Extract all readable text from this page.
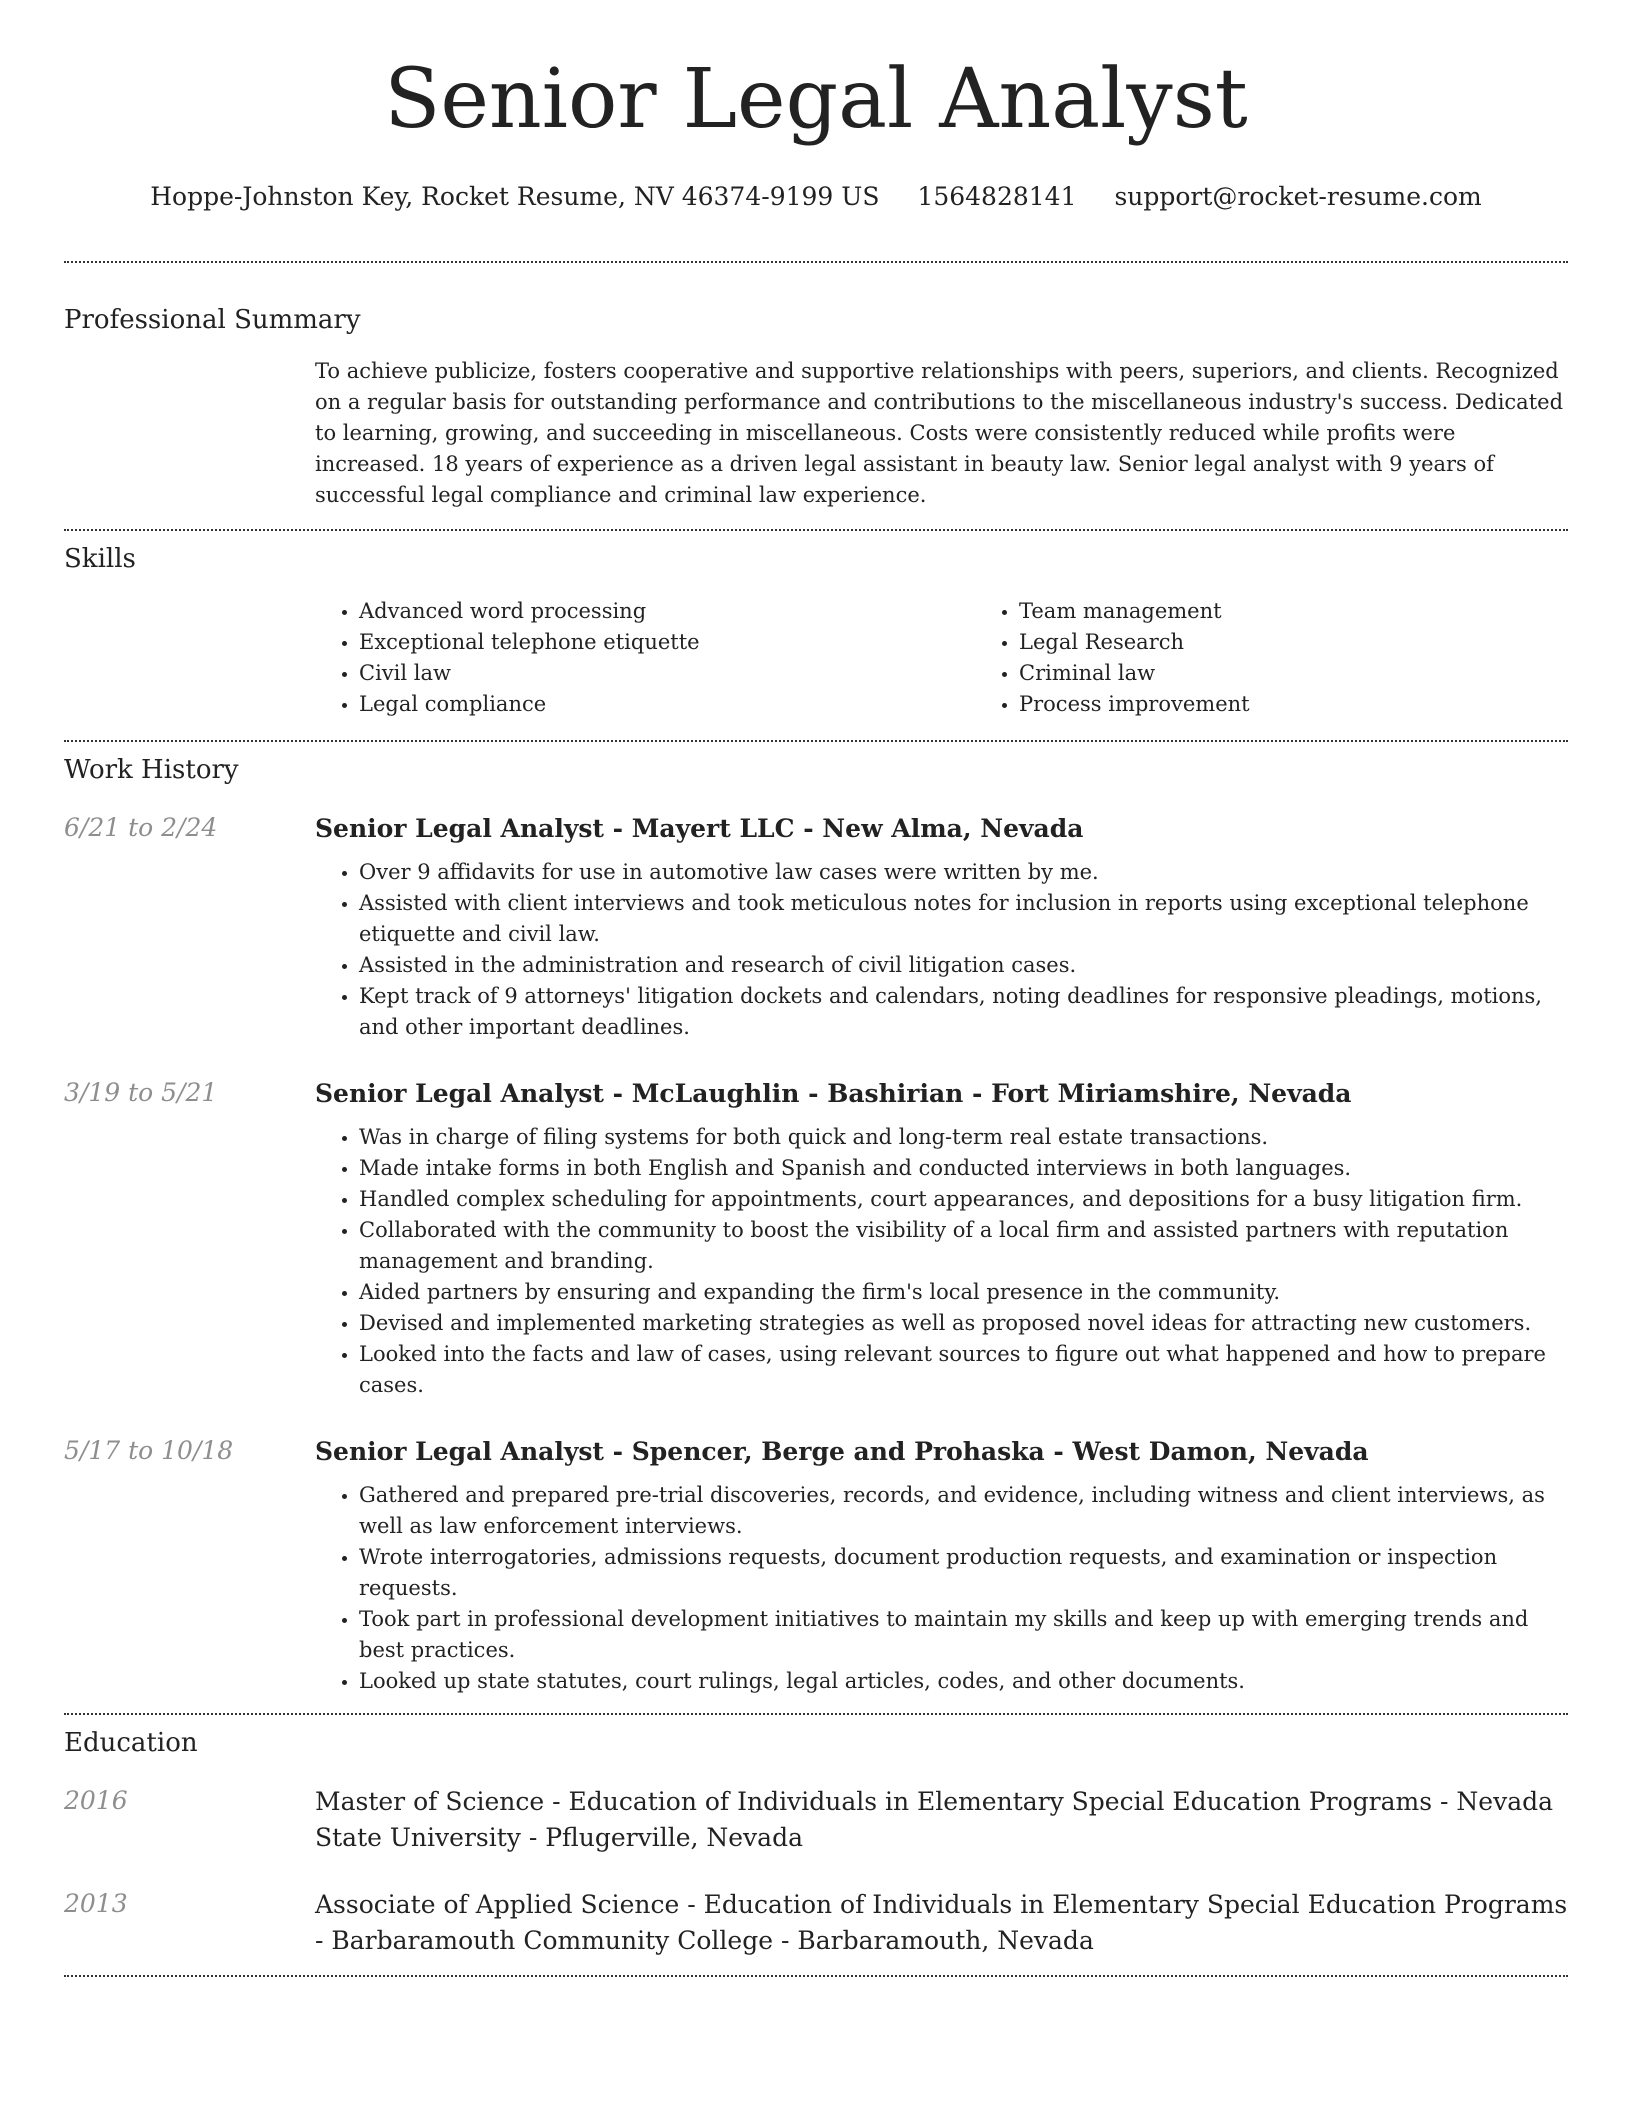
Senior Legal Analyst
Hoppe-Johnston Key, Rocket Resume, NV 46374-9199 US 1564828141 support@rocket-resume.com
Professional Summary

To achieve publicize, fosters cooperative and supportive relationships with peers, superiors, and clients. Recognized on a regular basis for outstanding performance and contributions to the miscellaneous industry's success. Dedicated to learning, growing, and succeeding in miscellaneous. Costs were consistently reduced while profits were increased. 18 years of experience as a driven legal assistant in beauty law. Senior legal analyst with 9 years of successful legal compliance and criminal law experience.

Skills
• Advanced word processing
• Exceptional telephone etiquette
• Civil law
• Legal compliance
• Team management
• Legal Research
• Criminal law
• Process improvement
Work History
6/21 to 2/24	Senior Legal Analyst - Mayert LLC - New Alma, Nevada
• Over 9 affidavits for use in automotive law cases were written by me.
• Assisted with client interviews and took meticulous notes for inclusion in reports using exceptional telephone etiquette and civil law.
• Assisted in the administration and research of civil litigation cases.
• Kept track of 9 attorneys' litigation dockets and calendars, noting deadlines for responsive pleadings, motions, and other important deadlines.
3/19 to 5/21	Senior Legal Analyst - McLaughlin - Bashirian - Fort Miriamshire, Nevada
• Was in charge of filing systems for both quick and long-term real estate transactions.
• Made intake forms in both English and Spanish and conducted interviews in both languages.
• Handled complex scheduling for appointments, court appearances, and depositions for a busy litigation firm.
• Collaborated with the community to boost the visibility of a local firm and assisted partners with reputation management and branding.
• Aided partners by ensuring and expanding the firm's local presence in the community.
• Devised and implemented marketing strategies as well as proposed novel ideas for attracting new customers.
• Looked into the facts and law of cases, using relevant sources to figure out what happened and how to prepare cases.
5/17 to 10/18	Senior Legal Analyst - Spencer, Berge and Prohaska - West Damon, Nevada
• Gathered and prepared pre-trial discoveries, records, and evidence, including witness and client interviews, as well as law enforcement interviews.
• Wrote interrogatories, admissions requests, document production requests, and examination or inspection requests.
• Took part in professional development initiatives to maintain my skills and keep up with emerging trends and best practices.
• Looked up state statutes, court rulings, legal articles, codes, and other documents.
Education
2016	Master of Science - Education of Individuals in Elementary Special Education Programs - Nevada State University - Pflugerville, Nevada
2013	Associate of Applied Science - Education of Individuals in Elementary Special Education Programs - Barbaramouth Community College - Barbaramouth, Nevada
